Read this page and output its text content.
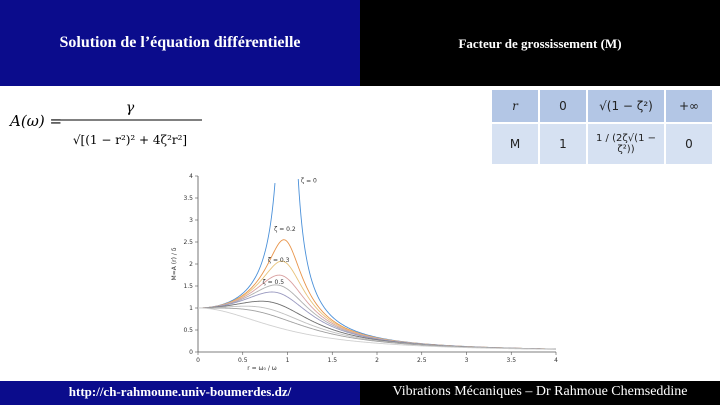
Solution de l’équation différentielle	Facteur de grossissement (M)
http://ch-rahmoune.univ-boumerdes.dz/	Vibrations Mécaniques – Dr Rahmoue Chemseddine
A(ω) =
γ
√[(1 − r²)² + 4ζ²r²]
r	0	√(1 − ζ²)	+∞
M	1	1 / (2ζ√(1 − ζ²))	0
0	0.5	1	1.5	2	2.5	3	3.5	4
0
0.5
1
1.5
2
2.5
3
3.5
4
r = ω₀ / ω
M=A (r) / δ
ζ = 0
ζ = 0.2
ζ = 0.3
ζ = 0.5
